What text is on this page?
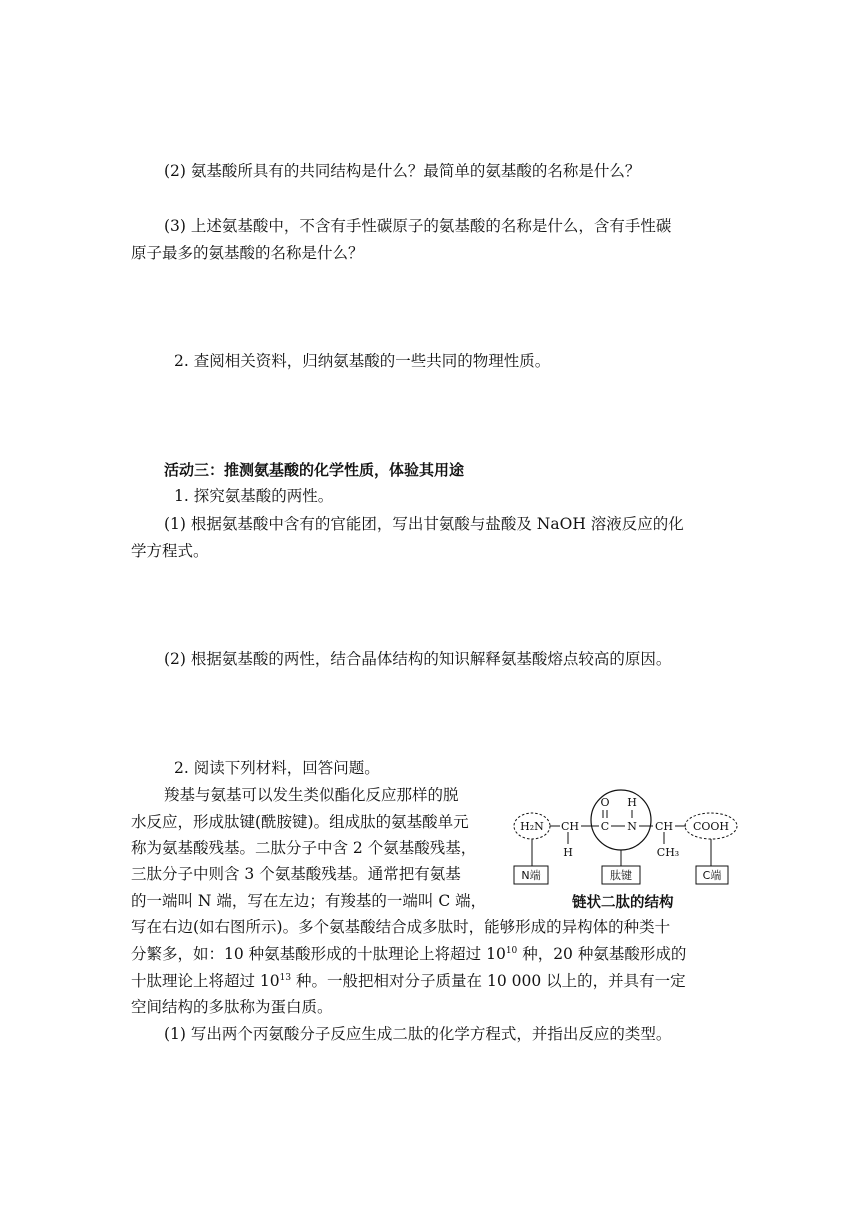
(2) 氨基酸所具有的共同结构是什么？最简单的氨基酸的名称是什么？
(3) 上述氨基酸中，不含有手性碳原子的氨基酸的名称是什么，含有手性碳
原子最多的氨基酸的名称是什么？
2. 查阅相关资料，归纳氨基酸的一些共同的物理性质。
活动三：推测氨基酸的化学性质，体验其用途
1. 探究氨基酸的两性。
(1) 根据氨基酸中含有的官能团，写出甘氨酸与盐酸及 NaOH 溶液反应的化
学方程式。
(2) 根据氨基酸的两性，结合晶体结构的知识解释氨基酸熔点较高的原因。
2. 阅读下列材料，回答问题。
羧基与氨基可以发生类似酯化反应那样的脱
水反应，形成肽键(酰胺键)。组成肽的氨基酸单元
称为氨基酸残基。二肽分子中含 2 个氨基酸残基，
三肽分子中则含 3 个氨基酸残基。通常把有氨基
的一端叫 N 端，写在左边；有羧基的一端叫 C 端，
写在右边(如右图所示)。多个氨基酸结合成多肽时，能够形成的异构体的种类十
分繁多，如：10 种氨基酸形成的十肽理论上将超过 $10^{10}$ 种，20 种氨基酸形成的
十肽理论上将超过 $10^{13}$ 种。一般把相对分子质量在 10 000 以上的，并具有一定
空间结构的多肽称为蛋白质。
(1) 写出两个丙氨酸分子反应生成二肽的化学方程式，并指出反应的类型。
H₂N CH C
O
N
H
CH COOH
H	CH₃
N端	肽键	C端
链状二肽的结构
